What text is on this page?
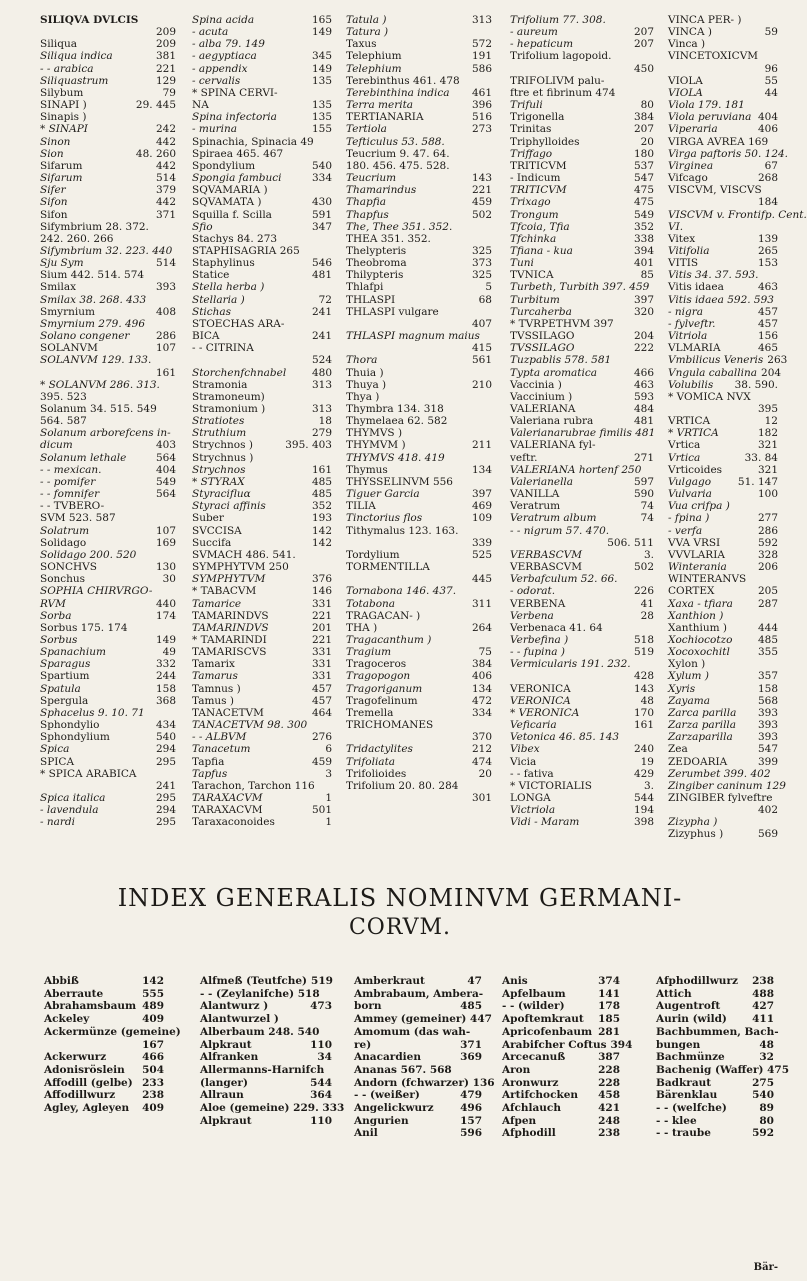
SILIQVA DVLCIS
209
Siliqua	209
Siliqua indica	381
- - arabica	221
Siliquastrum	129
Silybum	79
SINAPI )	29. 445
Sinapis )
* SINAPI	242
Sinon	442
Sion	48. 260
Sifarum	442
Sifarum	514
Sifer	379
Sifon	442
Sifon	371
Sifymbrium 28. 372.
242. 260. 266
Sifymbrium 32. 223. 440
Sju Sym	514
Sium 442. 514. 574
Smilax	393
Smilax 38. 268. 433
Smyrnium	408
Smyrnium 279. 496
Solano congener	286
SOLANVM	107
SOLANVM 129. 133.
161
* SOLANVM 286. 313.
395. 523
Solanum 34. 515. 549
564. 587
Solanum arborefcens in-
dicum	403
Solanum lethale	564
- - mexican.	404
- - pomifer	549
- - fomnifer	564
- - TVBERO-
SVM 523. 587
Solatrum	107
Solidago	169
Solidago 200. 520
SONCHVS	130
Sonchus	30
SOPHIA CHIRVRGO-
RVM	440
Sorba	174
Sorbus 175. 174
Sorbus	149
Spanachium	49
Sparagus	332
Spartium	244
Spatula	158
Spergula	368
Sphacelus 9. 10. 71
Sphondylio	434
Sphondylium	540
Spica	294
SPICA	295
* SPICA ARABICA
241
Spica italica	295
- lavendula	294
- nardi	295
Spina acida	165
- acuta	149
- alba 79. 149
- aegyptiaca	345
- appendix	149
- cervalis	135
* SPINA CERVI-
NA	135
Spina infectoria	135
- murina	155
Spinachia, Spinacia 49
Spiraea 465. 467
Spondylium	540
Spongia fambuci	334
SQVAMARIA )
SQVAMATA )	430
Squilla f. Scilla	591
Sfio	347
Stachys 84. 273
STAPHISAGRIA 265
Staphylinus	546
Statice	481
Stella herba )
Stellaria )	72
Stichas	241
STOECHAS ARA-
BICA	241
- - CITRINA
524
Storchenfchnabel	480
Stramonia	313
Stramoneum)
Stramonium )	313
Stratiotes	18
Struthium	279
Strychnos )	395. 403
Strychnus )
Strychnos	161
* STYRAX	485
Styracifluα	485
Styraci affinis	352
Suber	193
SVCCISA	142
Succifa	142
SVMACH 486. 541.
SYMPHYTVM 250
SYMPHYTVM	376
* TABACVM	146
Tamarice	331
TAMARINDVS	221
TAMARINDVS	201
* TAMARINDI	221
TAMARISCVS	331
Tamarix	331
Tamarus	331
Tamnus )	457
Tamus )	457
TANACETVM	464
TANACETVM 98. 300
- - ALBVM	276
Tanacetum	6
Tapfia	459
Tapfus	3
Tarachon, Tarchon 116
TARAXACVM	1
TARAXACVM	501
Taraxaconoides	1
Tatula )	313
Tatura )
Taxus	572
Telephium	191
Telephium	586
Terebinthus 461. 478
Terebinthina indica	461
Terra merita	396
TERTIANARIA	516
Tertiola	273
Tefticulus 53. 588.
Teucrium 9. 47. 64.
180. 456. 475. 528.
Teucrium	143
Thamarindus	221
Thapfia	459
Thapfus	502
The, Thee 351. 352.
THEA 351. 352.
Thelypteris	325
Theobroma	373
Thilypteris	325
Thlafpi	5
THLASPI	68
THLASPI vulgare
407
THLASPI magnum maius
415
Thora	561
Thuia )
Thuya )	210
Thya )
Thymbra 134. 318
Thymelaea 62. 582
THYMVS )
THYMVM )	211
THYMVS 418. 419
Thymus	134
THYSSELINVM 556
Tiguer Garcia	397
TILIA	469
Tinctorius flos	109
Tithymalus 123. 163.
339
Tordylium	525
TORMENTILLA
445
Tornabona 146. 437.
Totabona	311
TRAGACAN- )
THA )	264
Tragacanthum )
Tragium	75
Tragoceros	384
Tragopogon	406
Tragoriganum	134
Tragofelinum	472
Tremella	334
TRICHOMANES
370
Tridactylites	212
Trifoliata	474
Trifolioides	20
Trifolium 20. 80. 284
301
Trifolium 77. 308.
- aureum	207
- hepaticum	207
Trifolium lagopoid.
450
TRIFOLIVM palu-
ftre et fibrinum 474
Trifuli	80
Trigonella	384
Trinitas	207
Triphylloides	20
Triffago	180
TRITICVM	537
- Indicum	547
TRITICVM	475
Trixago	475
Trongum	549
Tfcoia, Tfia	352
Tfchinka	338
Tfiana - kua	394
Tuni	401
TVNICA	85
Turbeth, Turbith 397. 459
Turbitum	397
Turcaherba	320
* TVRPETHVM 397
TVSSILAGO	204
TVSSILAGO	222
Tuzpablis 578. 581
Typta aromatica	466
Vaccinia )	463
Vaccinium )	593
VALERIANA	484
Valeriana rubra	481
Valerianarubrae fimilis 481
VALERIANA fyl-
veftr.	271
VALERIANA hortenf 250
Valerianella	597
VANILLA	590
Veratrum	74
Veratrum album	74
- - nigrum 57. 470.
506. 511
VERBASCVM	3.
VERBASCVM	502
Verbafculum 52. 66.
- odorat.	226
VERBENA	41
Verbena	28
Verbenaca 41. 64
Verbefina )	518
- - fupina )	519
Vermicularis 191. 232.
428
VERONICA	143
VERONICA	48
* VERONICA	170
Veficaria	161
Vetonica 46. 85. 143
Vibex	240
Vicia	19
- - fativa	429
* VICTORIALIS	3.
LONGA	544
Victriola	194
Vidi - Maram	398
VINCA PER- )
VINCA )	59
Vinca )
VINCETOXICVM
96
VIOLA	55
VIOLA	44
Viola 179. 181
Viola peruviana 404
Viperaria	406
VIRGA AVREA 169
Virga paftoris 50. 124.
Virginea	67
Vifcago	268
VISCVM, VISCVS
184
VISCVM v. Frontifp. Cent.
VI.
Vitex	139
Vitifolia	265
VITIS	153
Vitis 34. 37. 593.
Vitis idaea	463
Vitis idaea 592. 593
- nigra	457
- fylveftr.	457
Vitriola	156
VLMARIA	465
Vmbilicus Veneris 263
Vngula caballina 204
Volubilis	38. 590.
* VOMICA NVX
395
VRTICA	12
* VRTICA	182
Vrtica	321
Vrtica	33. 84
Vrticoides	321
Vulgago	51. 147
Vulvaria	100
Vua crifpa )
- fpina )	277
- verfa	286
VVA VRSI	592
VVVLARIA	328
Winterania	206
WINTERANVS
CORTEX	205
Xaxa - tfiara	287
Xanthion )
Xanthium )	444
Xochiocotzo	485
Xocoxochitl	355
Xylon )
Xylum )	357
Xyris	158
Zayama	568
Zarca parilla	393
Zarza parilla	393
Zarzaparilla	393
Zea	547
ZEDOARIA	399
Zerumbet 399. 402
Zingiber caninum 129
ZINGIBER fylveftre
402
Zizypha )
Zizyphus )	569
INDEX GENERALIS NOMINVM GERMANI-
CORVM.
Abbiß	142
Aberraute	555
Abrahamsbaum 489
Ackeley	409
Ackermünze (gemeine)
167
Ackerwurz	466
Adonisröslein	504
Affodill (gelbe) 233
Affodillwurz	238
Agley, Agleyen	409
Alfmeß (Teutfche) 519
- - (Zeylanifche) 518
Alantwurz )	473
Alantwurzel )
Alberbaum 248. 540
Alpkraut	110
Alfranken	34
Allermanns-Harnifch
(langer)	544
Allraun	364
Aloe (gemeine) 229. 333
Alpkraut	110
Amberkraut	47
Ambrabaum, Ambera-
born	485
Ammey (gemeiner) 447
Amomum (das wah-
re)	371
Anacardien	369
Ananas 567. 568
Andorn (fchwarzer) 136
- - (weißer)	479
Angelickwurz	496
Angurien	157
Anil	596
Anis	374
Apfelbaum	141
- - (wilder)	178
Apoftemkraut	185
Apricofenbaum 281
Arabifcher Coftus 394
Arcecanuß	387
Aron	228
Aronwurz	228
Artifchocken	458
Afchlauch	421
Afpen	248
Afphodill	238
Afphodillwurz	238
Attich	488
Augentroft	427
Aurin (wild)	411
Bachbummen, Bach-
bungen	48
Bachmünze	32
Bachenig (Waffer) 475
Badkraut	275
Bärenklau	540
- - (welfche)	89
- - klee	80
- - traube	592
Bär-
